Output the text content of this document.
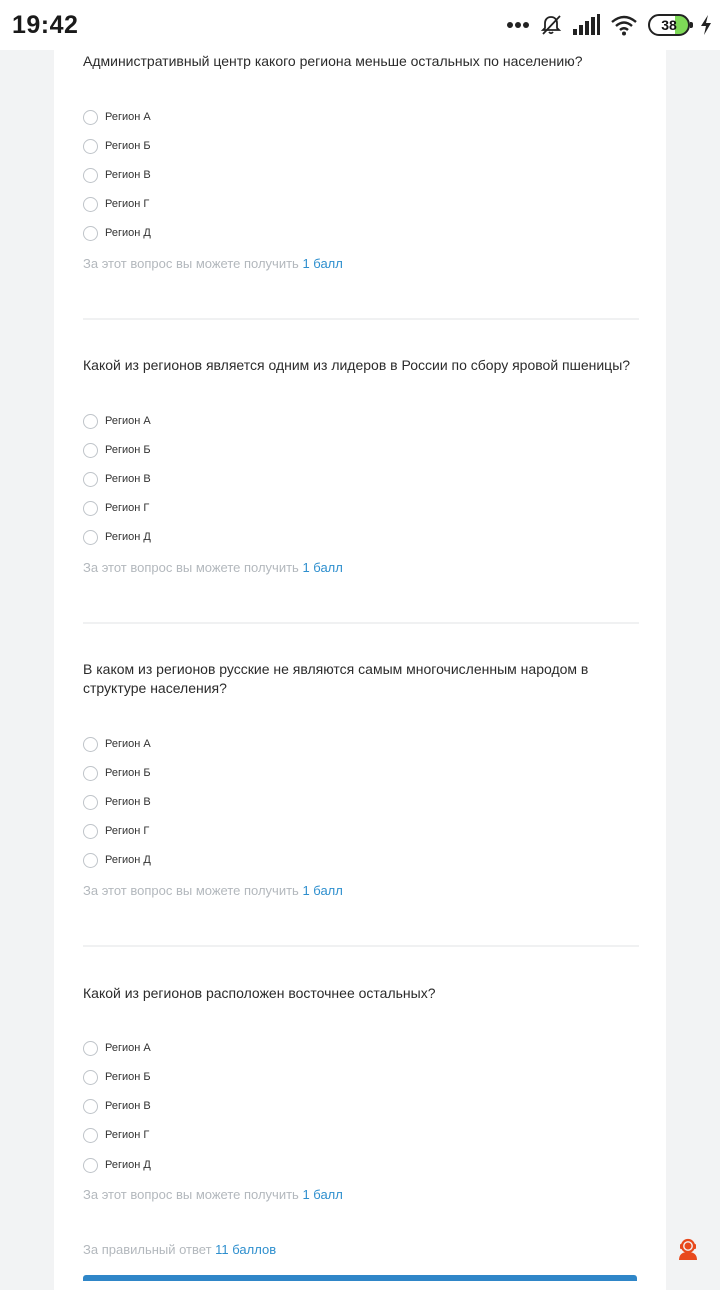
19:42	38

Административный центр какого региона меньше остальных по населению?

Регион А
Регион Б
Регион В
Регион Г
Регион Д
За этот вопрос вы можете получить 1 балл

Какой из регионов является одним из лидеров в России по сбору яровой пшеницы?

Регион А
Регион Б
Регион В
Регион Г
Регион Д
За этот вопрос вы можете получить 1 балл

В каком из регионов русские не являются самым многочисленным народом в структуре населения?

Регион А
Регион Б
Регион В
Регион Г
Регион Д
За этот вопрос вы можете получить 1 балл

Какой из регионов расположен восточнее остальных?

Регион А
Регион Б
Регион В
Регион Г
Регион Д
За этот вопрос вы можете получить 1 балл
За правильный ответ 11 баллов
